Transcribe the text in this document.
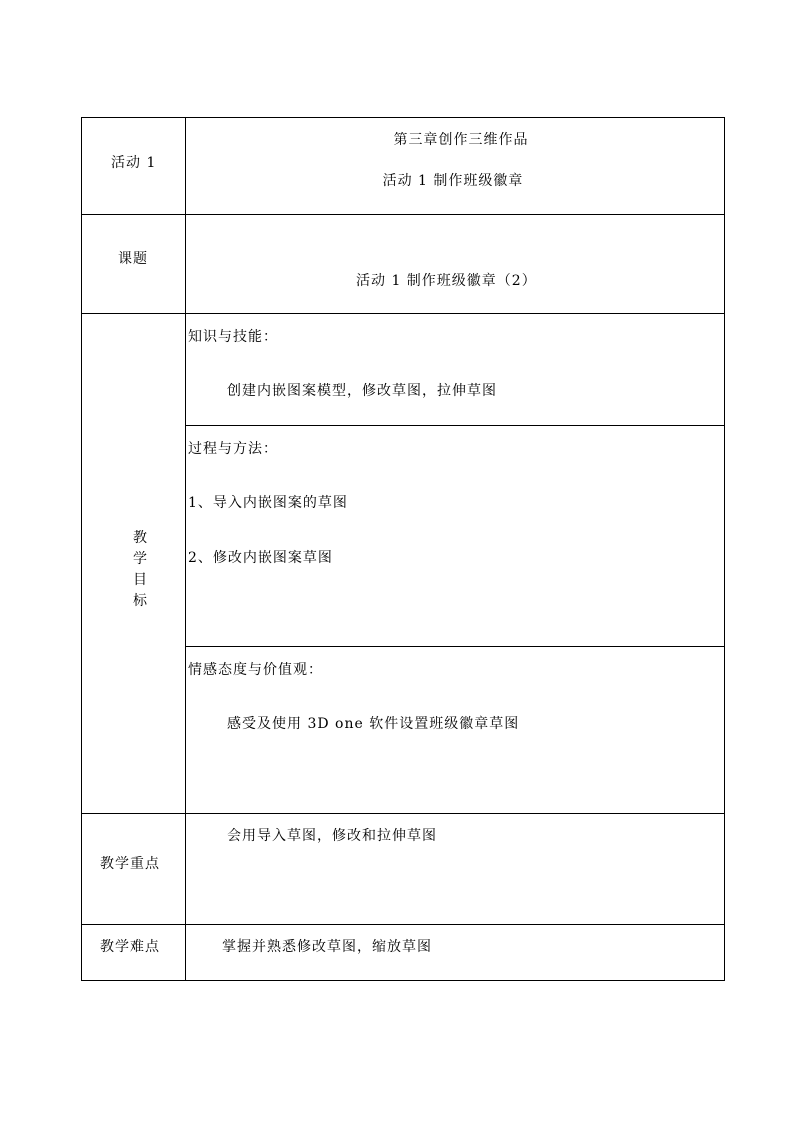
活动 1
第三章创作三维作品
活动 1 制作班级徽章
课题
活动 1 制作班级徽章（2）
教
学
目
标
知识与技能：
创建内嵌图案模型，修改草图，拉伸草图
过程与方法：
1、导入内嵌图案的草图
2、修改内嵌图案草图
情感态度与价值观：
感受及使用 3D one 软件设置班级徽章草图
教学重点
会用导入草图，修改和拉伸草图
教学难点	掌握并熟悉修改草图，缩放草图
